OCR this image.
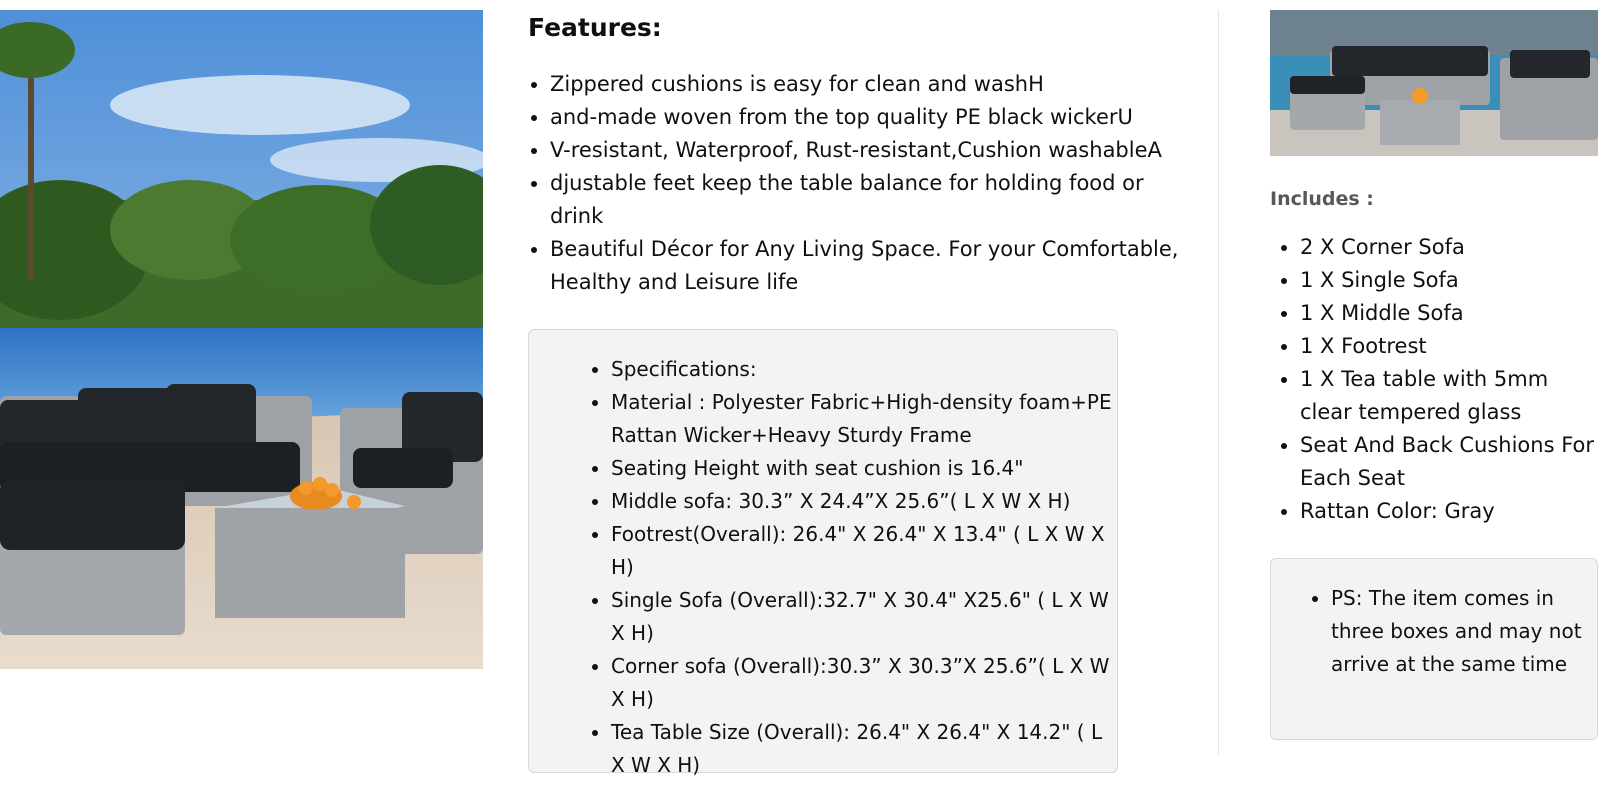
Features:
• Zippered cushions is easy for clean and washH
• and-made woven from the top quality PE black wickerU
• V-resistant, Waterproof, Rust-resistant,Cushion washableA
• djustable feet keep the table balance for holding food or drink
• Beautiful Décor for Any Living Space. For your Comfortable, Healthy and Leisure life
• Specifications:
• Material : Polyester Fabric+High-density foam+PE Rattan Wicker+Heavy Sturdy Frame
• Seating Height with seat cushion is 16.4"
• Middle sofa: 30.3” X 24.4”X 25.6”( L X W X H)
• Footrest(Overall): 26.4" X 26.4" X 13.4" ( L X W X H)
• Single Sofa (Overall):32.7" X 30.4" X25.6" ( L X W X H)
• Corner sofa (Overall):30.3” X 30.3”X 25.6”( L X W X H)
• Tea Table Size (Overall): 26.4" X 26.4" X 14.2" ( L X W X H)
Includes :
• 2 X Corner Sofa
• 1 X Single Sofa
• 1 X Middle Sofa
• 1 X Footrest
• 1 X Tea table with 5mm clear tempered glass
• Seat And Back Cushions For Each Seat
• Rattan Color: Gray
• PS: The item comes in three boxes and may not arrive at the same time
